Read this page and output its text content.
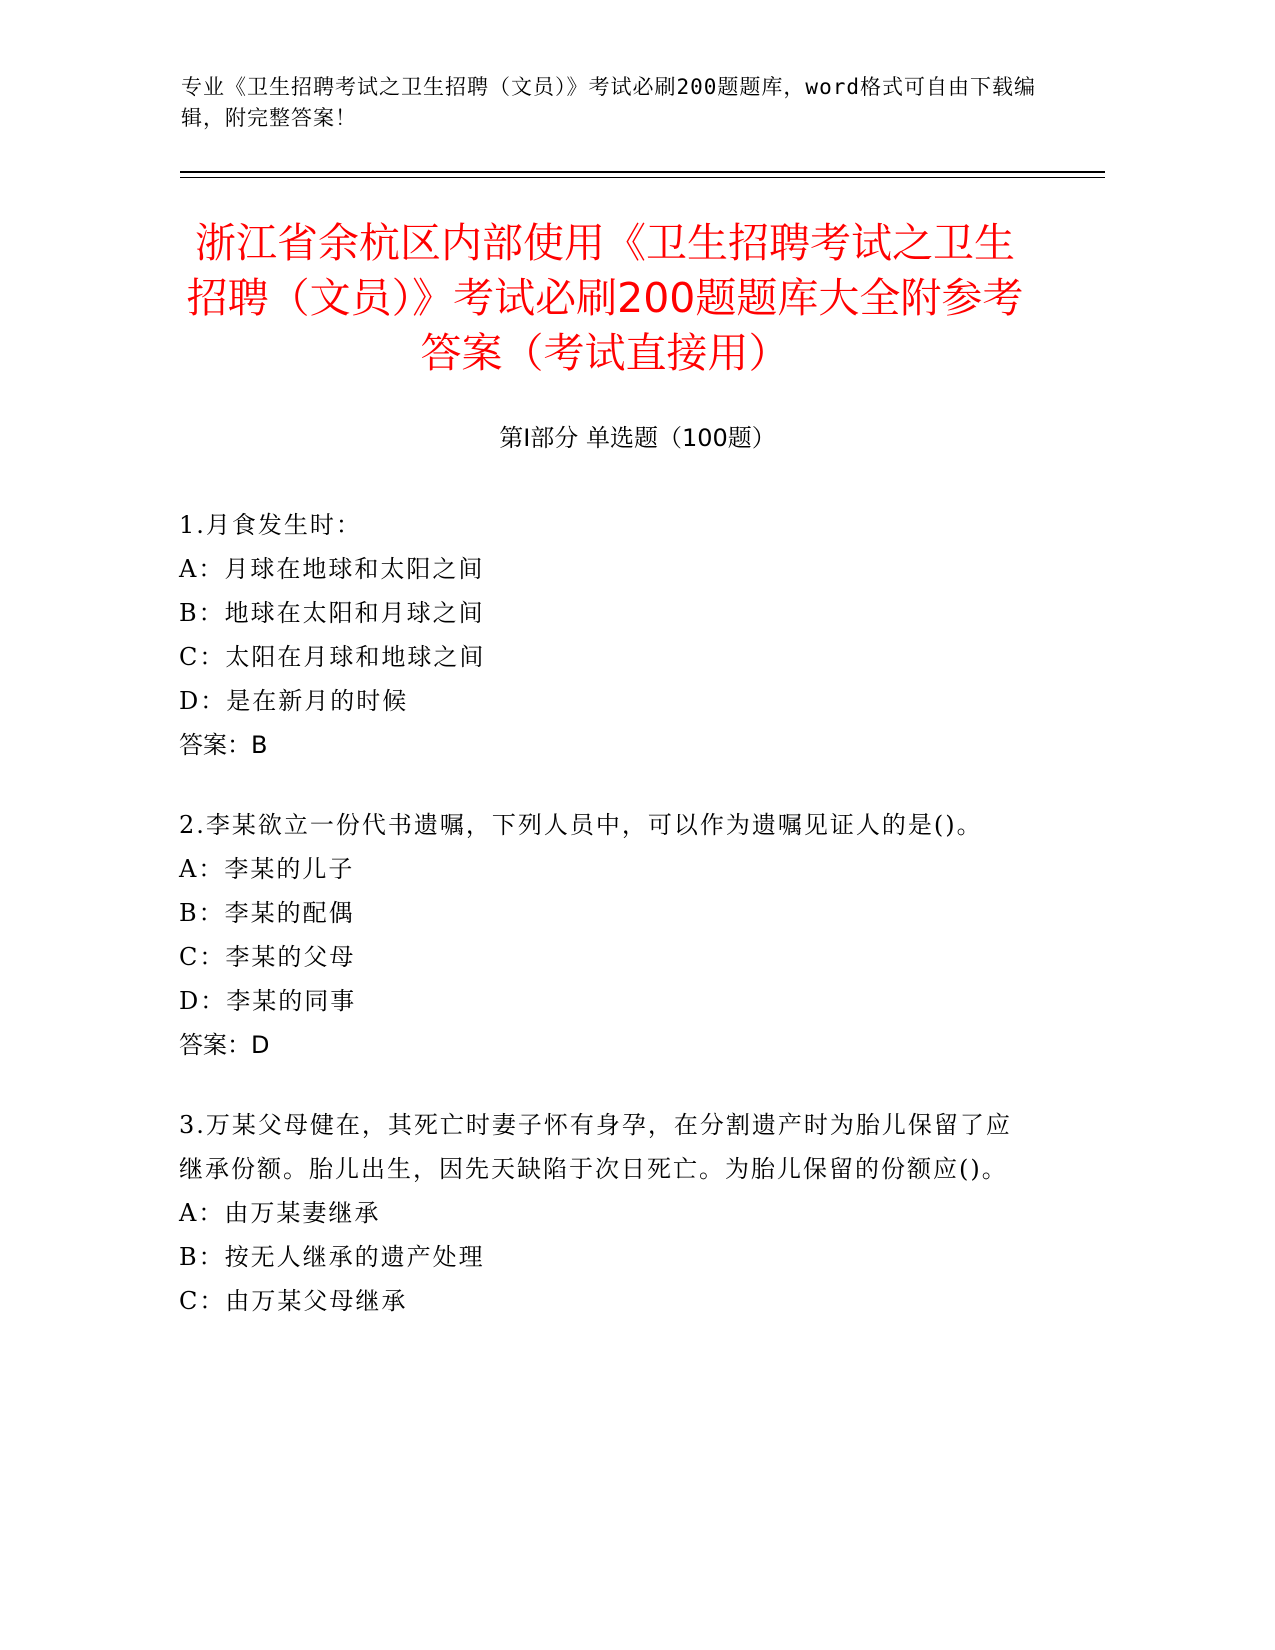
专业《卫生招聘考试之卫生招聘（文员）》考试必刷200题题库，word格式可自由下载编辑，附完整答案！
浙江省余杭区内部使用《卫生招聘考试之卫生招聘（文员）》考试必刷200题题库大全附参考答案（考试直接用）
第Ⅰ部分 单选题（100题）

1.月食发生时：

A：月球在地球和太阳之间

B：地球在太阳和月球之间

C：太阳在月球和地球之间

D：是在新月的时候

答案：B

2.李某欲立一份代书遗嘱，下列人员中，可以作为遗嘱见证人的是()。

A：李某的儿子

B：李某的配偶

C：李某的父母

D：李某的同事

答案：D

3.万某父母健在，其死亡时妻子怀有身孕，在分割遗产时为胎儿保留了应继承份额。胎儿出生，因先天缺陷于次日死亡。为胎儿保留的份额应()。

A：由万某妻继承

B：按无人继承的遗产处理

C：由万某父母继承
